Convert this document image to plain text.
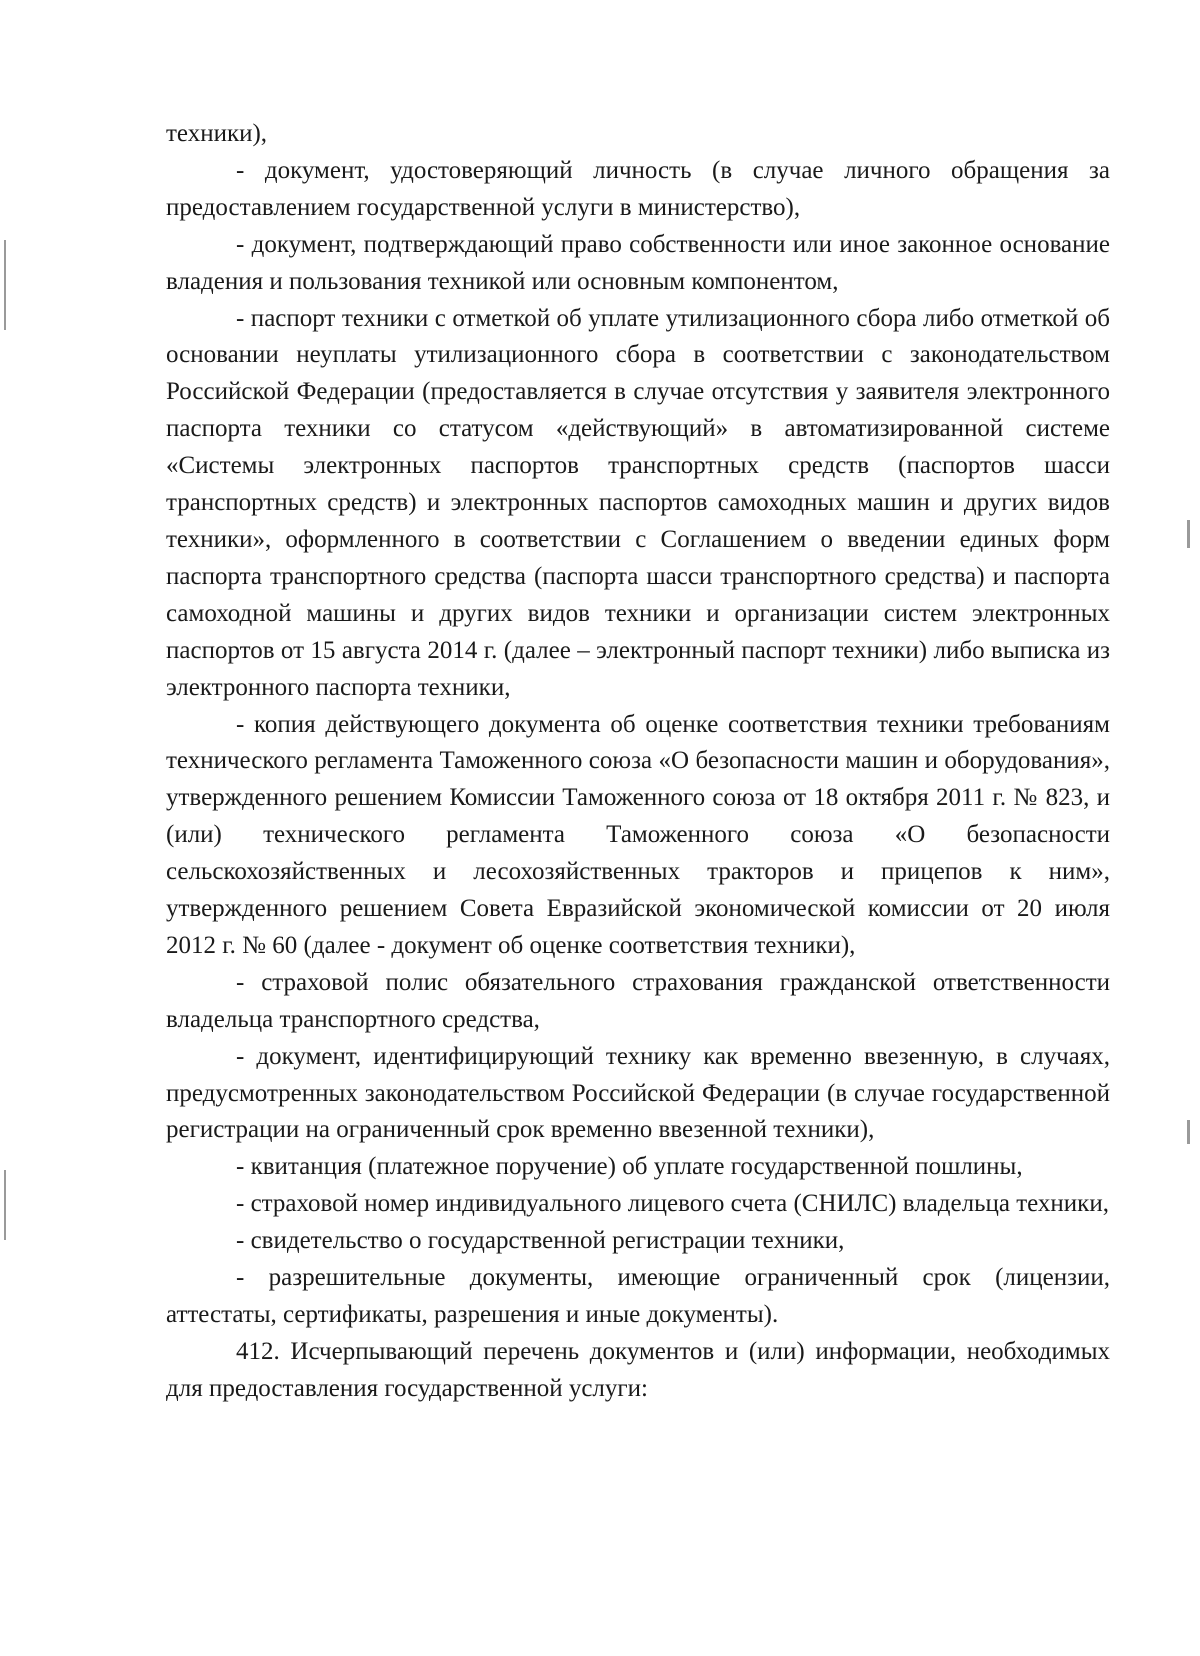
техники),

- документ, удостоверяющий личность (в случае личного обращения за предоставлением государственной услуги в министерство),

- документ, подтверждающий право собственности или иное законное основание владения и пользования техникой или основным компонентом,

- паспорт техники с отметкой об уплате утилизационного сбора либо отметкой об основании неуплаты утилизационного сбора в соответствии с законодательством Российской Федерации (предоставляется в случае отсутствия у заявителя электронного паспорта техники со статусом «действующий» в автоматизированной системе «Системы электронных паспортов транспортных средств (паспортов шасси транспортных средств) и электронных паспортов самоходных машин и других видов техники», оформленного в соответствии с Соглашением о введении единых форм паспорта транспортного средства (паспорта шасси транспортного средства) и паспорта самоходной машины и других видов техники и организации систем электронных паспортов от 15 августа 2014 г. (далее – электронный паспорт техники) либо выписка из электронного паспорта техники,

- копия действующего документа об оценке соответствия техники требованиям технического регламента Таможенного союза «О безопасности машин и оборудования», утвержденного решением Комиссии Таможенного союза от 18 октября 2011 г. № 823, и (или) технического регламента Таможенного союза «О безопасности сельскохозяйственных и лесохозяйственных тракторов и прицепов к ним», утвержденного решением Совета Евразийской экономической комиссии от 20 июля 2012 г. № 60 (далее - документ об оценке соответствия техники),

- страховой полис обязательного страхования гражданской ответственности владельца транспортного средства,

- документ, идентифицирующий технику как временно ввезенную, в случаях, предусмотренных законодательством Российской Федерации (в случае государственной регистрации на ограниченный срок временно ввезенной техники),

- квитанция (платежное поручение) об уплате государственной пошлины,

- страховой номер индивидуального лицевого счета (СНИЛС) владельца техники,

- свидетельство о государственной регистрации техники,

- разрешительные документы, имеющие ограниченный срок (лицензии, аттестаты, сертификаты, разрешения и иные документы).

412. Исчерпывающий перечень документов и (или) информации, необходимых для предоставления государственной услуги:
